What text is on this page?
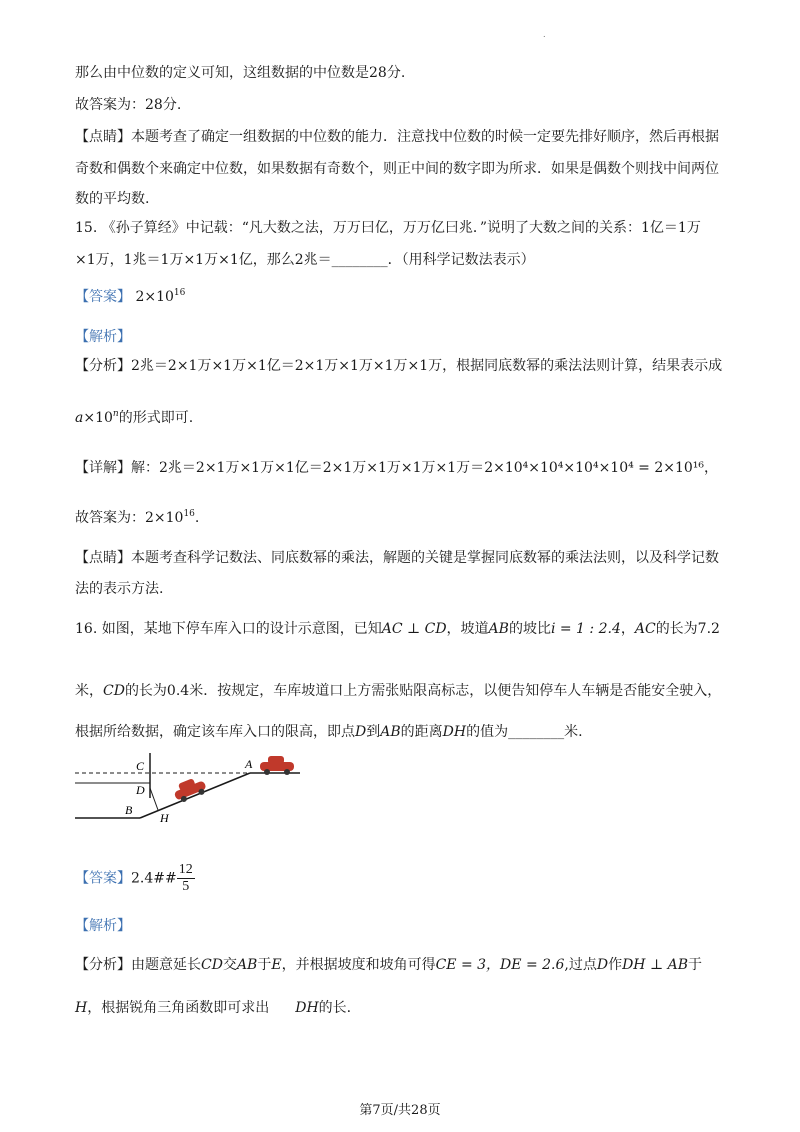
.
那么由中位数的定义可知，这组数据的中位数是28分.
故答案为：28分.
【点睛】本题考查了确定一组数据的中位数的能力．注意找中位数的时候一定要先排好顺序，然后再根据
奇数和偶数个来确定中位数，如果数据有奇数个，则正中间的数字即为所求．如果是偶数个则找中间两位
数的平均数.
15. 《孙子算经》中记载：“凡大数之法，万万曰亿，万万亿曰兆．”说明了大数之间的关系：1亿＝1万
×1万，1兆＝1万×1万×1亿，那么2兆＝________．（用科学记数法表示）
【答案】 $2\times 10^{16}$
【解析】
【分析】2兆＝2×1万×1万×1亿＝2×1万×1万×1万×1万，根据同底数幂的乘法法则计算，结果表示成
$a\times 10^n$的形式即可.
【详解】解：2兆＝2×1万×1万×1亿＝2×1万×1万×1万×1万＝2×10⁴×10⁴×10⁴×10⁴ = 2×10¹⁶，
故答案为：$2\times 10^{16}$.
【点睛】本题考查科学记数法、同底数幂的乘法，解题的关键是掌握同底数幂的乘法法则，以及科学记数
法的表示方法.
16. 如图，某地下停车库入口的设计示意图，已知AC ⊥ CD，坡道AB的坡比i = 1 : 2.4，AC的长为7.2
米，CD的长为0.4米．按规定，车库坡道口上方需张贴限高标志，以便告知停车人车辆是否能安全驶入，
根据所给数据，确定该车库入口的限高，即点D到AB的距离DH的值为________米.
C	A
D
B
H
【答案】2.4## $\frac{12}{5}$
【解析】
【分析】由题意延长CD交AB于E，并根据坡度和坡角可得CE = 3，DE = 2.6,过点D作DH ⊥ AB于
H，根据锐角三角函数即可求出 DH的长.
第7页/共28页
